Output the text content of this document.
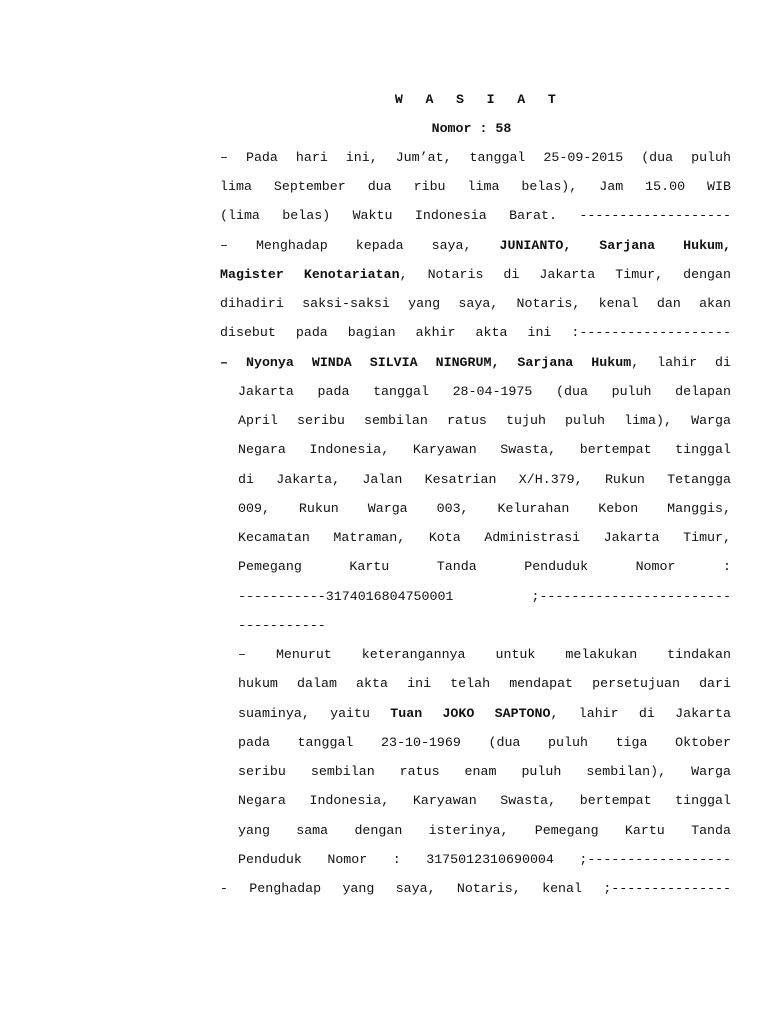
W A S I A T
Nomor : 58
– Pada hari ini, Jum’at, tanggal 25-09-2015 (dua puluh
lima September dua ribu lima belas), Jam 15.00 WIB
(lima belas) Waktu Indonesia Barat. -------------------
– Menghadap kepada saya, JUNIANTO, Sarjana Hukum,
Magister Kenotariatan, Notaris di Jakarta Timur, dengan
dihadiri saksi-saksi yang saya, Notaris, kenal dan akan
disebut pada bagian akhir akta ini :-------------------
– Nyonya WINDA SILVIA NINGRUM, Sarjana Hukum, lahir di
Jakarta pada tanggal 28-04-1975 (dua puluh delapan
April seribu sembilan ratus tujuh puluh lima), Warga
Negara Indonesia, Karyawan Swasta, bertempat tinggal
di Jakarta, Jalan Kesatrian X/H.379, Rukun Tetangga
009, Rukun Warga 003, Kelurahan Kebon Manggis,
Kecamatan Matraman, Kota Administrasi Jakarta Timur,
Pemegang Kartu Tanda Penduduk Nomor :
-----------3174016804750001 ;------------------------
-----------
– Menurut keterangannya untuk melakukan tindakan
hukum dalam akta ini telah mendapat persetujuan dari
suaminya, yaitu Tuan JOKO SAPTONO, lahir di Jakarta
pada tanggal 23-10-1969 (dua puluh tiga Oktober
seribu sembilan ratus enam puluh sembilan), Warga
Negara Indonesia, Karyawan Swasta, bertempat tinggal
yang sama dengan isterinya, Pemegang Kartu Tanda
Penduduk Nomor : 3175012310690004 ;------------------
- Penghadap yang saya, Notaris, kenal ;---------------
